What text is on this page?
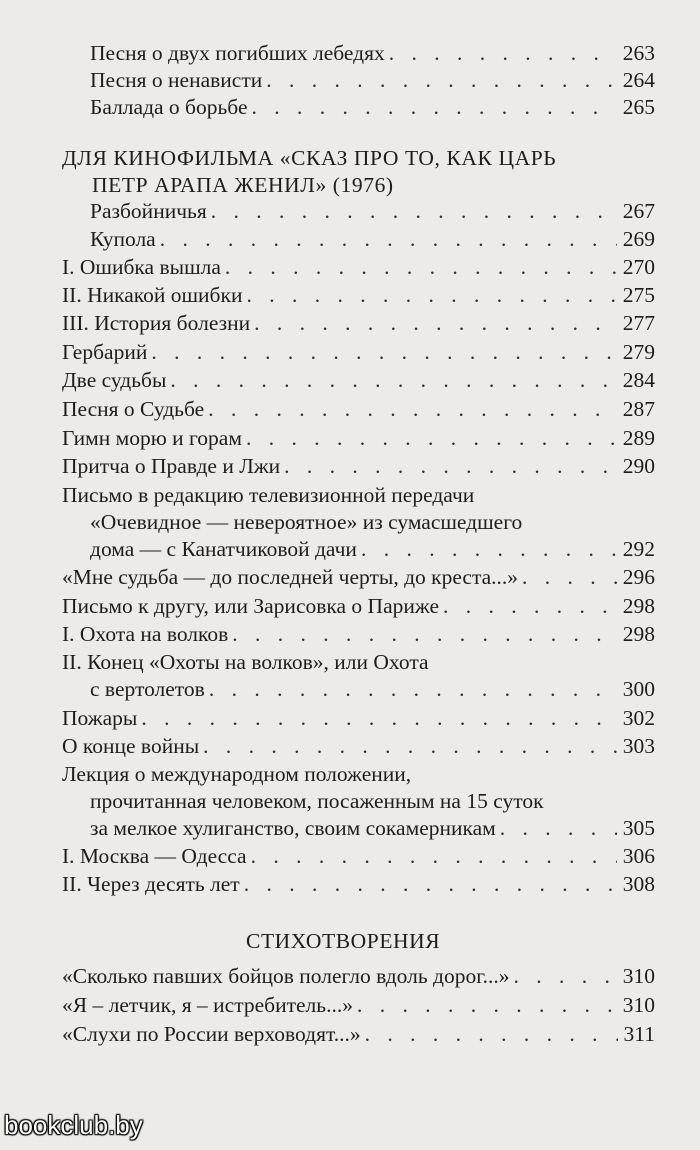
Песня о двух погибших лебедях . . .	263
Песня о ненависти . . .	264
Баллада о борьбе . . .	265
ДЛЯ КИНОФИЛЬМА «СКАЗ ПРО ТО, КАК ЦАРЬ
ПЕТР АРАПА ЖЕНИЛ» (1976)
Разбойничья . . .	267
Купола . . .	269
I. Ошибка вышла . . .	270
II. Никакой ошибки . . .	275
III. История болезни . . .	277
Гербарий . . .	279
Две судьбы . . .	284
Песня о Судьбе . . .	287
Гимн морю и горам . . .	289
Притча о Правде и Лжи . . .	290
Письмо в редакцию телевизионной передачи
«Очевидное — невероятное» из сумасшедшего
дома — с Канатчиковой дачи . . .	292
«Мне судьба — до последней черты, до креста...» . . .	296
Письмо к другу, или Зарисовка о Париже . . .	298
I. Охота на волков . . .	298
II. Конец «Охоты на волков», или Охота
с вертолетов . . .	300
Пожары . . .	302
О конце войны . . .	303
Лекция о международном положении,
прочитанная человеком, посаженным на 15 суток
за мелкое хулиганство, своим сокамерникам . . .	305
I. Москва — Одесса . . .	306
II. Через десять лет . . .	308
СТИХОТВОРЕНИЯ
«Сколько павших бойцов полегло вдоль дорог...» . . .	310
«Я – летчик, я – истребитель...» . . .	310
«Слухи по России верховодят...» . . .	311
bookclub.by
